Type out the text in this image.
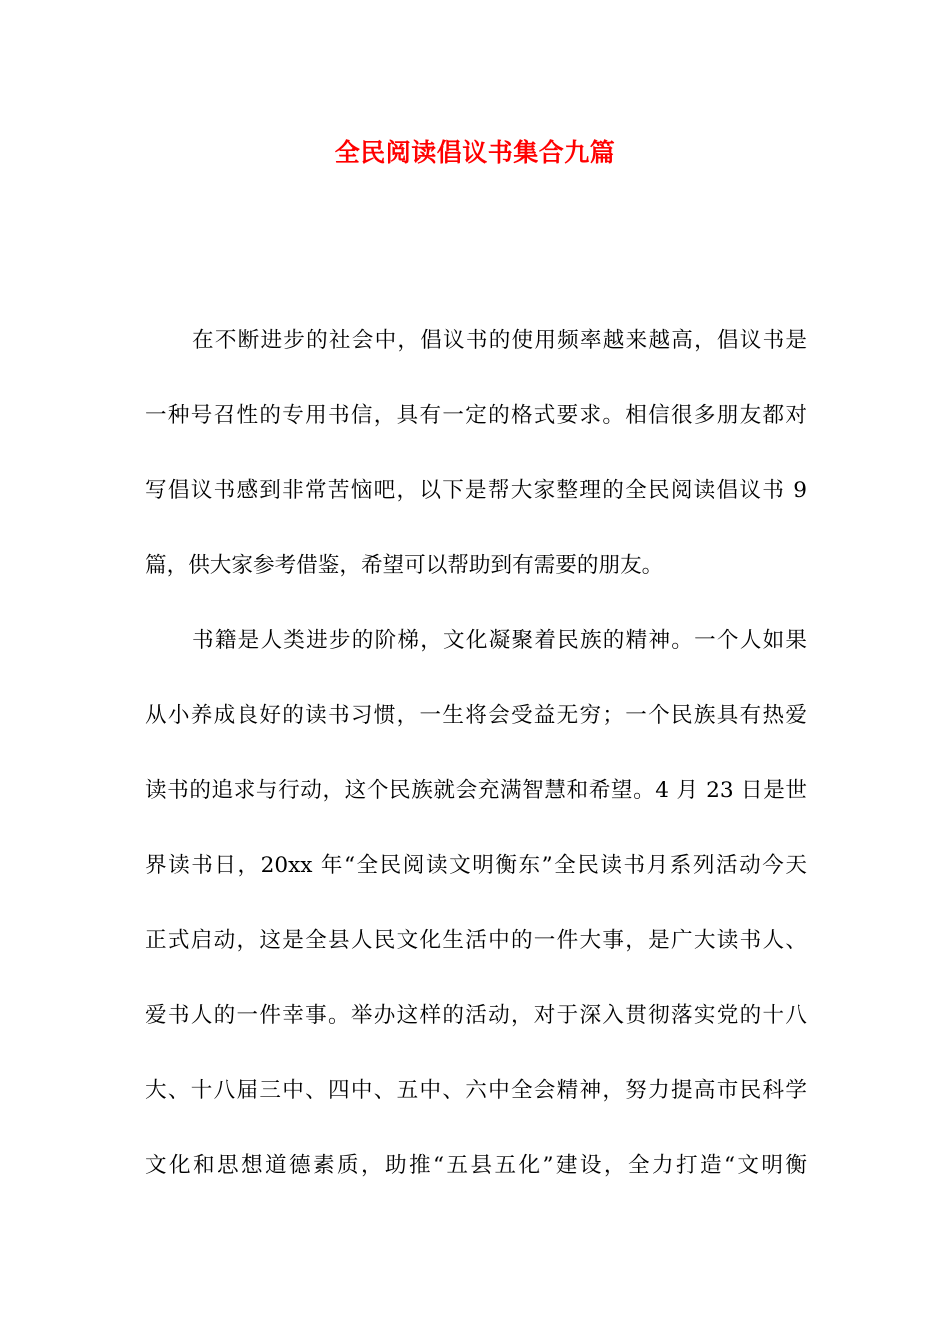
全民阅读倡议书集合九篇
在不断进步的社会中，倡议书的使用频率越来越高，倡议书是
一种号召性的专用书信，具有一定的格式要求。相信很多朋友都对
写倡议书感到非常苦恼吧，以下是帮大家整理的全民阅读倡议书 9
篇，供大家参考借鉴，希望可以帮助到有需要的朋友。
书籍是人类进步的阶梯，文化凝聚着民族的精神。一个人如果
从小养成良好的读书习惯，一生将会受益无穷；一个民族具有热爱
读书的追求与行动，这个民族就会充满智慧和希望。4 月 23 日是世
界读书日，20xx 年“全民阅读文明衡东”全民读书月系列活动今天
正式启动，这是全县人民文化生活中的一件大事，是广大读书人、
爱书人的一件幸事。举办这样的活动，对于深入贯彻落实党的十八
大、十八届三中、四中、五中、六中全会精神，努力提高市民科学
文化和思想道德素质，助推“五县五化”建设，全力打造“文明衡
